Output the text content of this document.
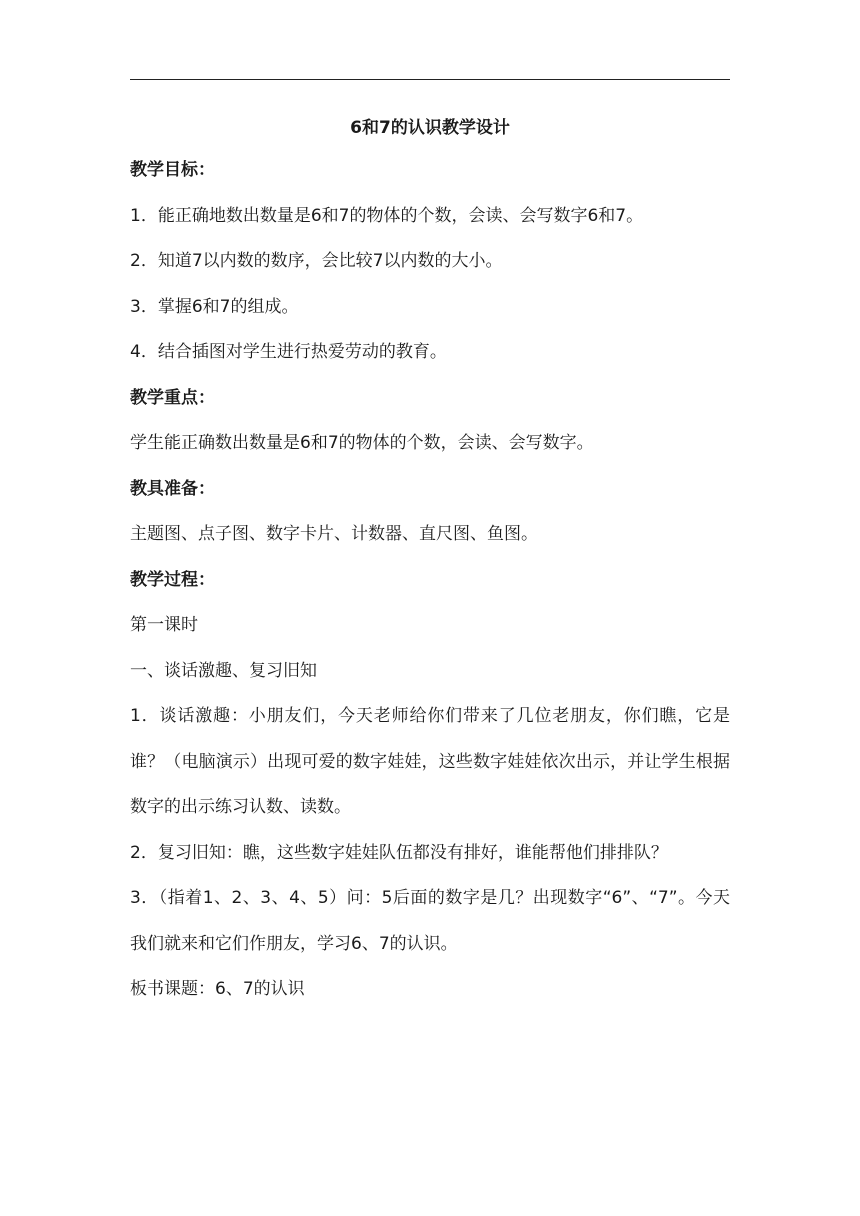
6和7的认识教学设计

教学目标：

1．能正确地数出数量是6和7的物体的个数，会读、会写数字6和7。

2．知道7以内数的数序，会比较7以内数的大小。

3．掌握6和7的组成。

4．结合插图对学生进行热爱劳动的教育。

教学重点：

学生能正确数出数量是6和7的物体的个数，会读、会写数字。

教具准备：

主题图、点子图、数字卡片、计数器、直尺图、鱼图。

教学过程：

第一课时

一、谈话激趣、复习旧知

1．谈话激趣：小朋友们，今天老师给你们带来了几位老朋友，你们瞧，它是谁？（电脑演示）出现可爱的数字娃娃，这些数字娃娃依次出示，并让学生根据数字的出示练习认数、读数。

2．复习旧知：瞧，这些数字娃娃队伍都没有排好，谁能帮他们排排队？

3．（指着1、2、3、4、5）问：5后面的数字是几？出现数字“6”、“7”。今天我们就来和它们作朋友，学习6、7的认识。

板书课题：6、7的认识
